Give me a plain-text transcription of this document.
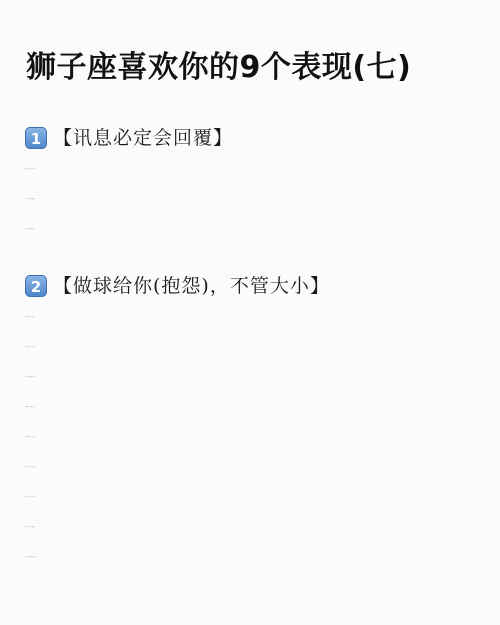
狮子座喜欢你的9个表现(七)
1 【讯息必定会回覆】
2 【做球给你(抱怨)，不管大小】
